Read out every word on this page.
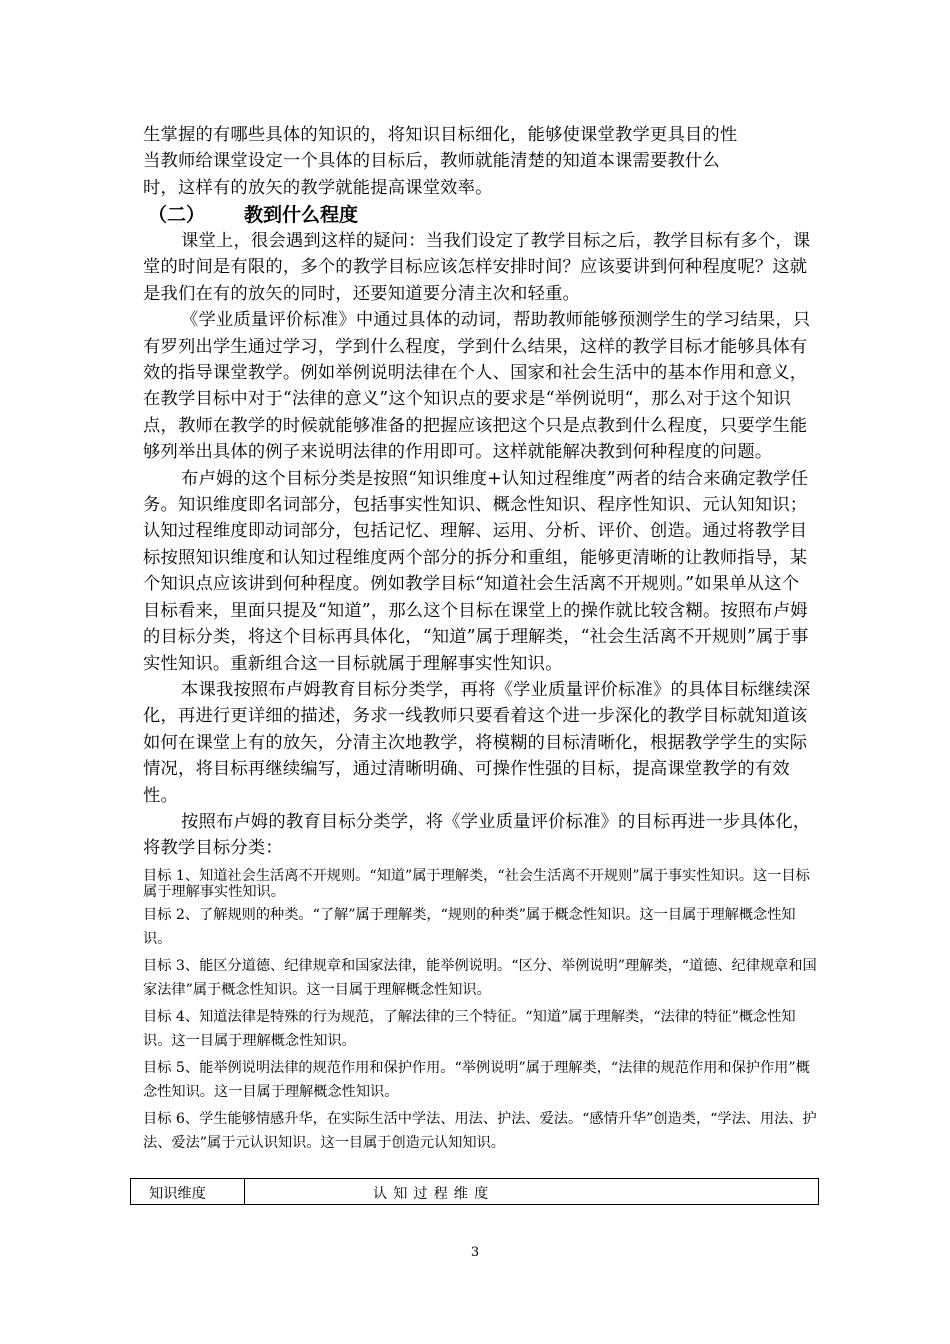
生掌握的有哪些具体的知识的，将知识目标细化，能够使课堂教学更具目的性

当教师给课堂设定一个具体的目标后，教师就能清楚的知道本课需要教什么

时，这样有的放矢的教学就能提高课堂效率。

（二） 教到什么程度

课堂上，很会遇到这样的疑问：当我们设定了教学目标之后，教学目标有多个，课堂的时间是有限的，多个的教学目标应该怎样安排时间？应该要讲到何种程度呢？这就是我们在有的放矢的同时，还要知道要分清主次和轻重。

《学业质量评价标准》中通过具体的动词，帮助教师能够预测学生的学习结果，只有罗列出学生通过学习，学到什么程度，学到什么结果，这样的教学目标才能够具体有效的指导课堂教学。例如举例说明法律在个人、国家和社会生活中的基本作用和意义，在教学目标中对于“法律的意义”这个知识点的要求是“举例说明“，那么对于这个知识点，教师在教学的时候就能够准备的把握应该把这个只是点教到什么程度，只要学生能够列举出具体的例子来说明法律的作用即可。这样就能解决教到何种程度的问题。

布卢姆的这个目标分类是按照“知识维度+认知过程维度”两者的结合来确定教学任务。知识维度即名词部分，包括事实性知识、概念性知识、程序性知识、元认知知识；认知过程维度即动词部分，包括记忆、理解、运用、分析、评价、创造。通过将教学目标按照知识维度和认知过程维度两个部分的拆分和重组，能够更清晰的让教师指导，某个知识点应该讲到何种程度。例如教学目标“知道社会生活离不开规则。”如果单从这个目标看来，里面只提及“知道”，那么这个目标在课堂上的操作就比较含糊。按照布卢姆的目标分类，将这个目标再具体化，“知道”属于理解类，“社会生活离不开规则”属于事实性知识。重新组合这一目标就属于理解事实性知识。

本课我按照布卢姆教育目标分类学，再将《学业质量评价标准》的具体目标继续深化，再进行更详细的描述，务求一线教师只要看着这个进一步深化的教学目标就知道该如何在课堂上有的放矢，分清主次地教学，将模糊的目标清晰化，根据教学学生的实际情况，将目标再继续编写，通过清晰明确、可操作性强的目标，提高课堂教学的有效性。

按照布卢姆的教育目标分类学，将《学业质量评价标准》的目标再进一步具体化，将教学目标分类：

目标 1、知道社会生活离不开规则。“知道”属于理解类，“社会生活离不开规则”属于事实性知识。这一目标属于理解事实性知识。

目标 2、了解规则的种类。“了解”属于理解类，“规则的种类”属于概念性知识。这一目属于理解概念性知识。

目标 3、能区分道德、纪律规章和国家法律，能举例说明。“区分、举例说明”理解类，“道德、纪律规章和国家法律”属于概念性知识。这一目属于理解概念性知识。

目标 4、知道法律是特殊的行为规范，了解法律的三个特征。“知道”属于理解类，“法律的特征”概念性知识。这一目属于理解概念性知识。

目标 5、能举例说明法律的规范作用和保护作用。“举例说明”属于理解类，“法律的规范作用和保护作用”概念性知识。这一目属于理解概念性知识。

目标 6、学生能够情感升华，在实际生活中学法、用法、护法、爱法。“感情升华”创造类，“学法、用法、护法、爱法”属于元认识知识。这一目属于创造元认知知识。

知识维度	认知过程维度
3
